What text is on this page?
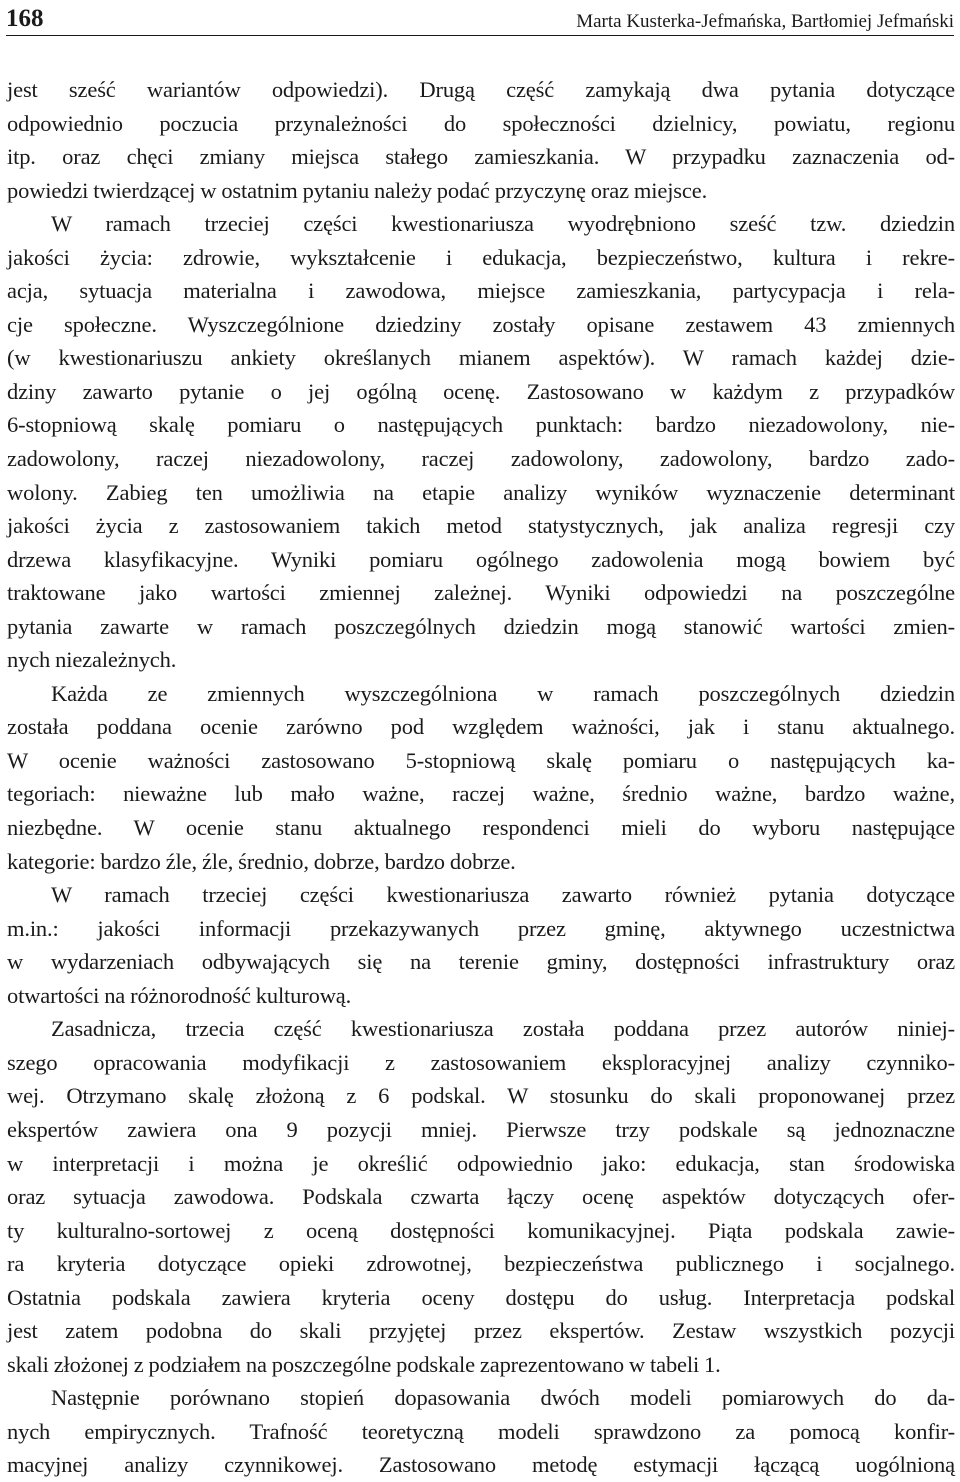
168	Marta Kusterka-Jefmańska, Bartłomiej Jefmański
jest sześć wariantów odpowiedzi). Drugą część zamykają dwa pytania dotyczące
odpowiednio poczucia przynależności do społeczności dzielnicy, powiatu, regionu
itp. oraz chęci zmiany miejsca stałego zamieszkania. W przypadku zaznaczenia od-
powiedzi twierdzącej w ostatnim pytaniu należy podać przyczynę oraz miejsce.
W ramach trzeciej części kwestionariusza wyodrębniono sześć tzw. dziedzin
jakości życia: zdrowie, wykształcenie i edukacja, bezpieczeństwo, kultura i rekre-
acja, sytuacja materialna i zawodowa, miejsce zamieszkania, partycypacja i rela-
cje społeczne. Wyszczególnione dziedziny zostały opisane zestawem 43 zmiennych
(w kwestionariuszu ankiety określanych mianem aspektów). W ramach każdej dzie-
dziny zawarto pytanie o jej ogólną ocenę. Zastosowano w każdym z przypadków
6-stopniową skalę pomiaru o następujących punktach: bardzo niezadowolony, nie-
zadowolony, raczej niezadowolony, raczej zadowolony, zadowolony, bardzo zado-
wolony. Zabieg ten umożliwia na etapie analizy wyników wyznaczenie determinant
jakości życia z zastosowaniem takich metod statystycznych, jak analiza regresji czy
drzewa klasyfikacyjne. Wyniki pomiaru ogólnego zadowolenia mogą bowiem być
traktowane jako wartości zmiennej zależnej. Wyniki odpowiedzi na poszczególne
pytania zawarte w ramach poszczególnych dziedzin mogą stanowić wartości zmien-
nych niezależnych.
Każda ze zmiennych wyszczególniona w ramach poszczególnych dziedzin
została poddana ocenie zarówno pod względem ważności, jak i stanu aktualnego.
W ocenie ważności zastosowano 5-stopniową skalę pomiaru o następujących ka-
tegoriach: nieważne lub mało ważne, raczej ważne, średnio ważne, bardzo ważne,
niezbędne. W ocenie stanu aktualnego respondenci mieli do wyboru następujące
kategorie: bardzo źle, źle, średnio, dobrze, bardzo dobrze.
W ramach trzeciej części kwestionariusza zawarto również pytania dotyczące
m.in.: jakości informacji przekazywanych przez gminę, aktywnego uczestnictwa
w wydarzeniach odbywających się na terenie gminy, dostępności infrastruktury oraz
otwartości na różnorodność kulturową.
Zasadnicza, trzecia część kwestionariusza została poddana przez autorów niniej-
szego opracowania modyfikacji z zastosowaniem eksploracyjnej analizy czynniko-
wej. Otrzymano skalę złożoną z 6 podskal. W stosunku do skali proponowanej przez
ekspertów zawiera ona 9 pozycji mniej. Pierwsze trzy podskale są jednoznaczne
w interpretacji i można je określić odpowiednio jako: edukacja, stan środowiska
oraz sytuacja zawodowa. Podskala czwarta łączy ocenę aspektów dotyczących ofer-
ty kulturalno-sortowej z oceną dostępności komunikacyjnej. Piąta podskala zawie-
ra kryteria dotyczące opieki zdrowotnej, bezpieczeństwa publicznego i socjalnego.
Ostatnia podskala zawiera kryteria oceny dostępu do usług. Interpretacja podskal
jest zatem podobna do skali przyjętej przez ekspertów. Zestaw wszystkich pozycji
skali złożonej z podziałem na poszczególne podskale zaprezentowano w tabeli 1.
Następnie porównano stopień dopasowania dwóch modeli pomiarowych do da-
nych empirycznych. Trafność teoretyczną modeli sprawdzono za pomocą konfir-
macyjnej analizy czynnikowej. Zastosowano metodę estymacji łączącą uogólnioną
